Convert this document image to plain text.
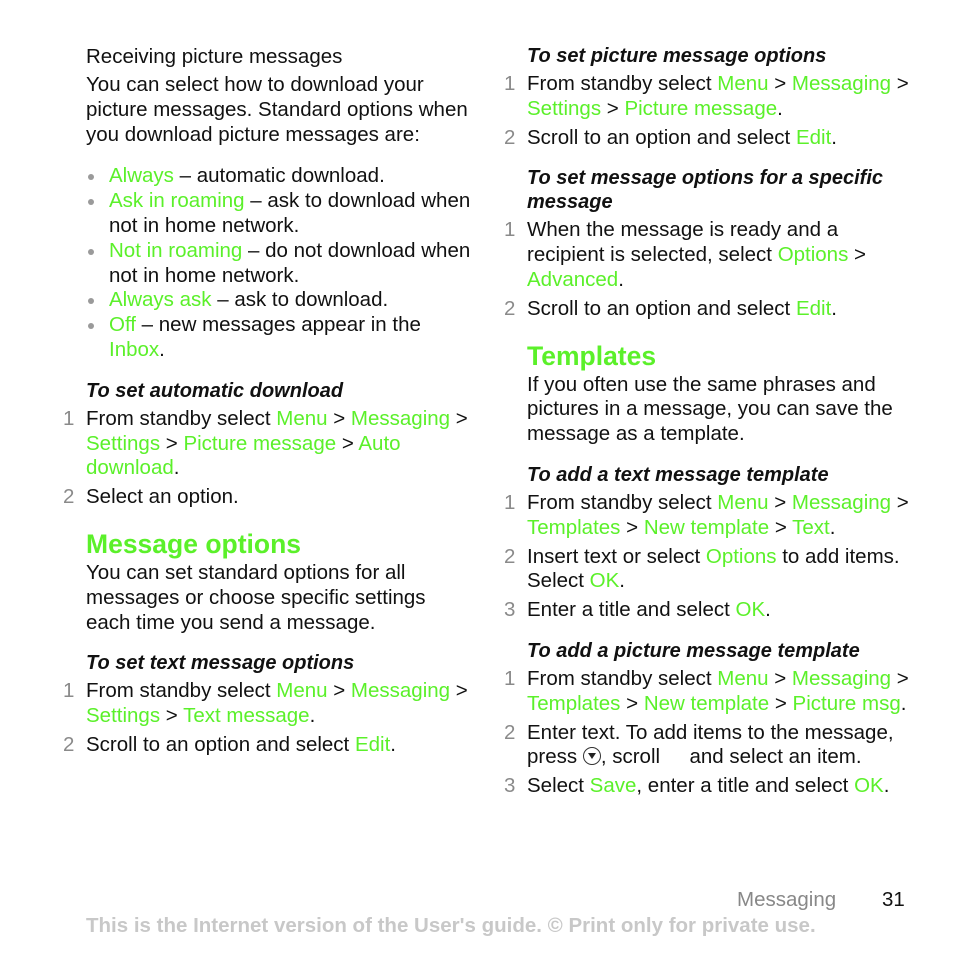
Receiving picture messages

You can select how to download your picture messages. Standard options when you download picture messages are:

Always – automatic download.
Ask in roaming – ask to download when not in home network.
Not in roaming – do not download when not in home network.
Always ask – ask to download.
Off – new messages appear in the Inbox.

To set automatic download

1 From standby select Menu > Messaging > Settings > Picture message > Auto download.
2 Select an option.

Message options

You can set standard options for all messages or choose specific settings each time you send a message.

To set text message options

1 From standby select Menu > Messaging > Settings > Text message.
2 Scroll to an option and select Edit.

To set picture message options

1 From standby select Menu > Messaging > Settings > Picture message.
2 Scroll to an option and select Edit.

To set message options for a specific message

1 When the message is ready and a recipient is selected, select Options > Advanced.
2 Scroll to an option and select Edit.

Templates

If you often use the same phrases and pictures in a message, you can save the message as a template.

To add a text message template

1 From standby select Menu > Messaging > Templates > New template > Text.
2 Insert text or select Options to add items. Select OK.
3 Enter a title and select OK.

To add a picture message template

1 From standby select Menu > Messaging > Templates > New template > Picture msg.
2 Enter text. To add items to the message, press , scroll  and select an item.
3 Select Save, enter a title and select OK.
Messaging 31
This is the Internet version of the User's guide. © Print only for private use.
